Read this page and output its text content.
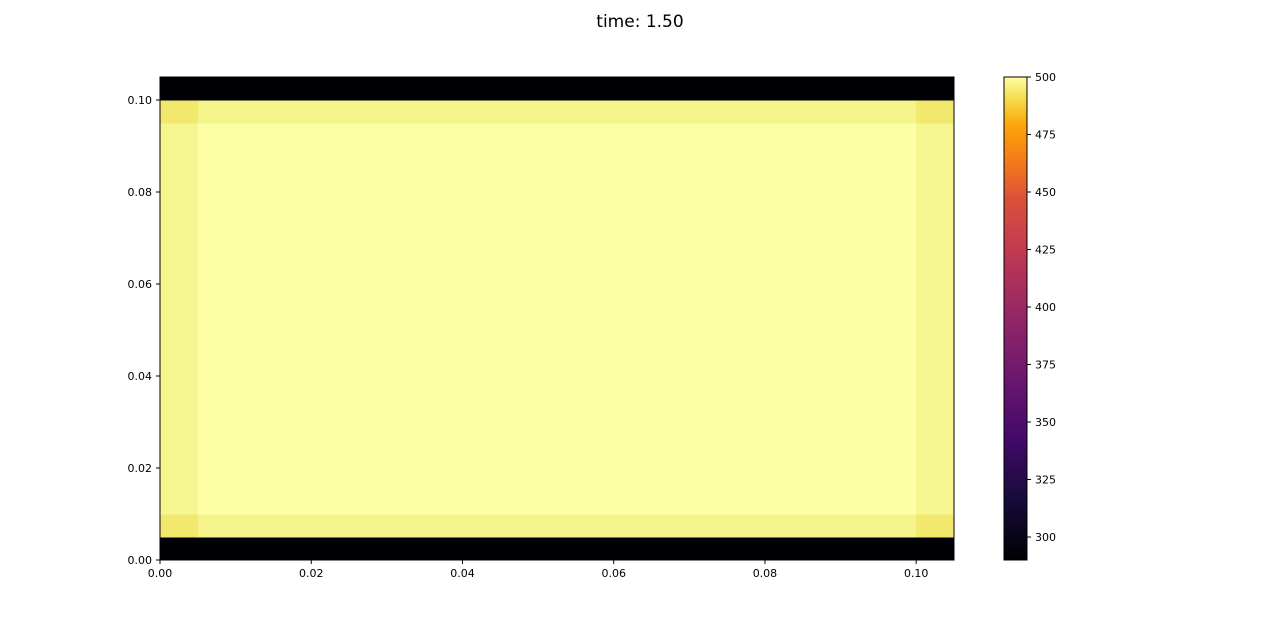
time: 1.50
0.00	0.02	0.04	0.06	0.08	0.10
0.00
0.02
0.04
0.06
0.08
0.10
300
325
350
375
400
425
450
475
500
